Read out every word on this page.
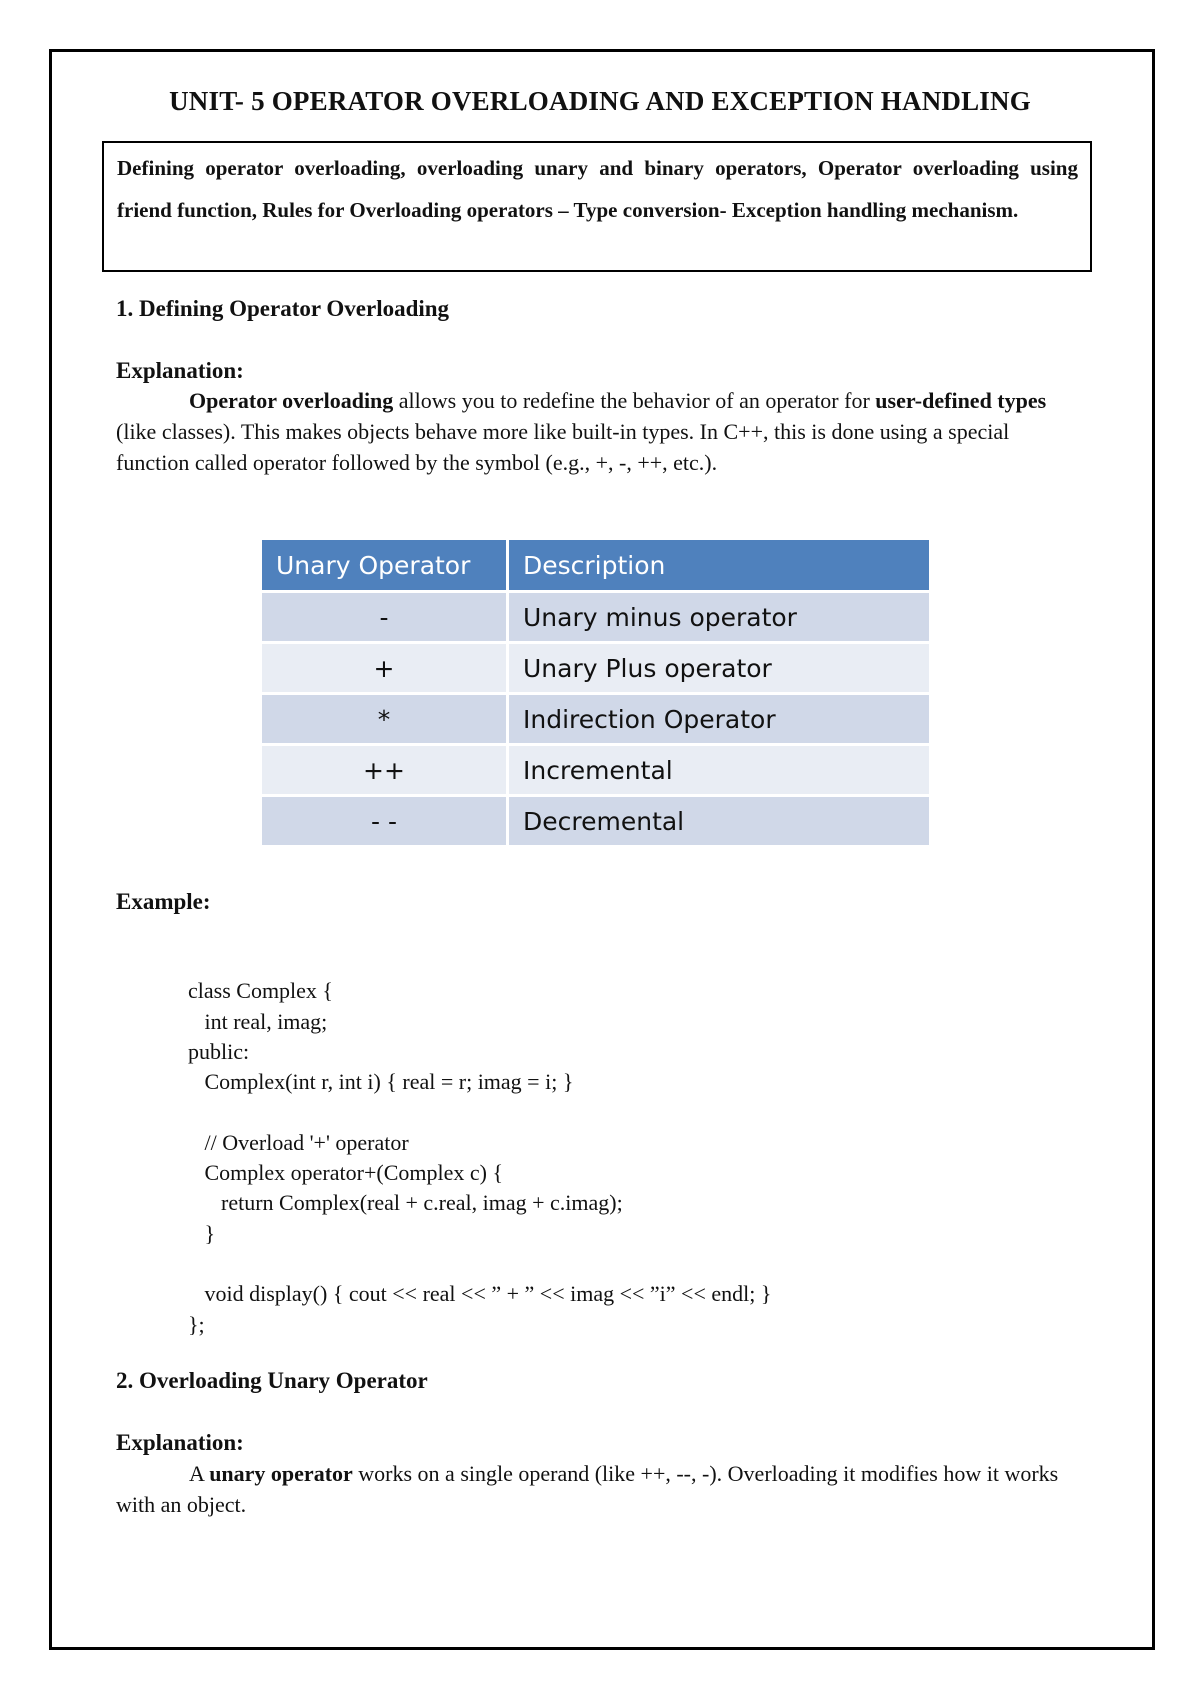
UNIT- 5 OPERATOR OVERLOADING AND EXCEPTION HANDLING
Defining operator overloading, overloading unary and binary operators, Operator overloading using friend function, Rules for Overloading operators – Type conversion- Exception handling mechanism.
1. Defining Operator Overloading
Explanation:
Operator overloading allows you to redefine the behavior of an operator for user-defined types (like classes). This makes objects behave more like built-in types. In C++, this is done using a special function called operator followed by the symbol (e.g., +, -, ++, etc.).
Unary Operator	Description
-	Unary minus operator
+	Unary Plus operator
*	Indirection Operator
++	Incremental
- -	Decremental
Example:

class Complex {
int real, imag;
public:
Complex(int r, int i) { real = r; imag = i; }

// Overload '+' operator
Complex operator+(Complex c) {
return Complex(real + c.real, imag + c.imag);
}

void display() { cout << real << ” + ” << imag << ”i” << endl; }
};

2. Overloading Unary Operator
Explanation:
A unary operator works on a single operand (like ++, --, -). Overloading it modifies how it works with an object.
